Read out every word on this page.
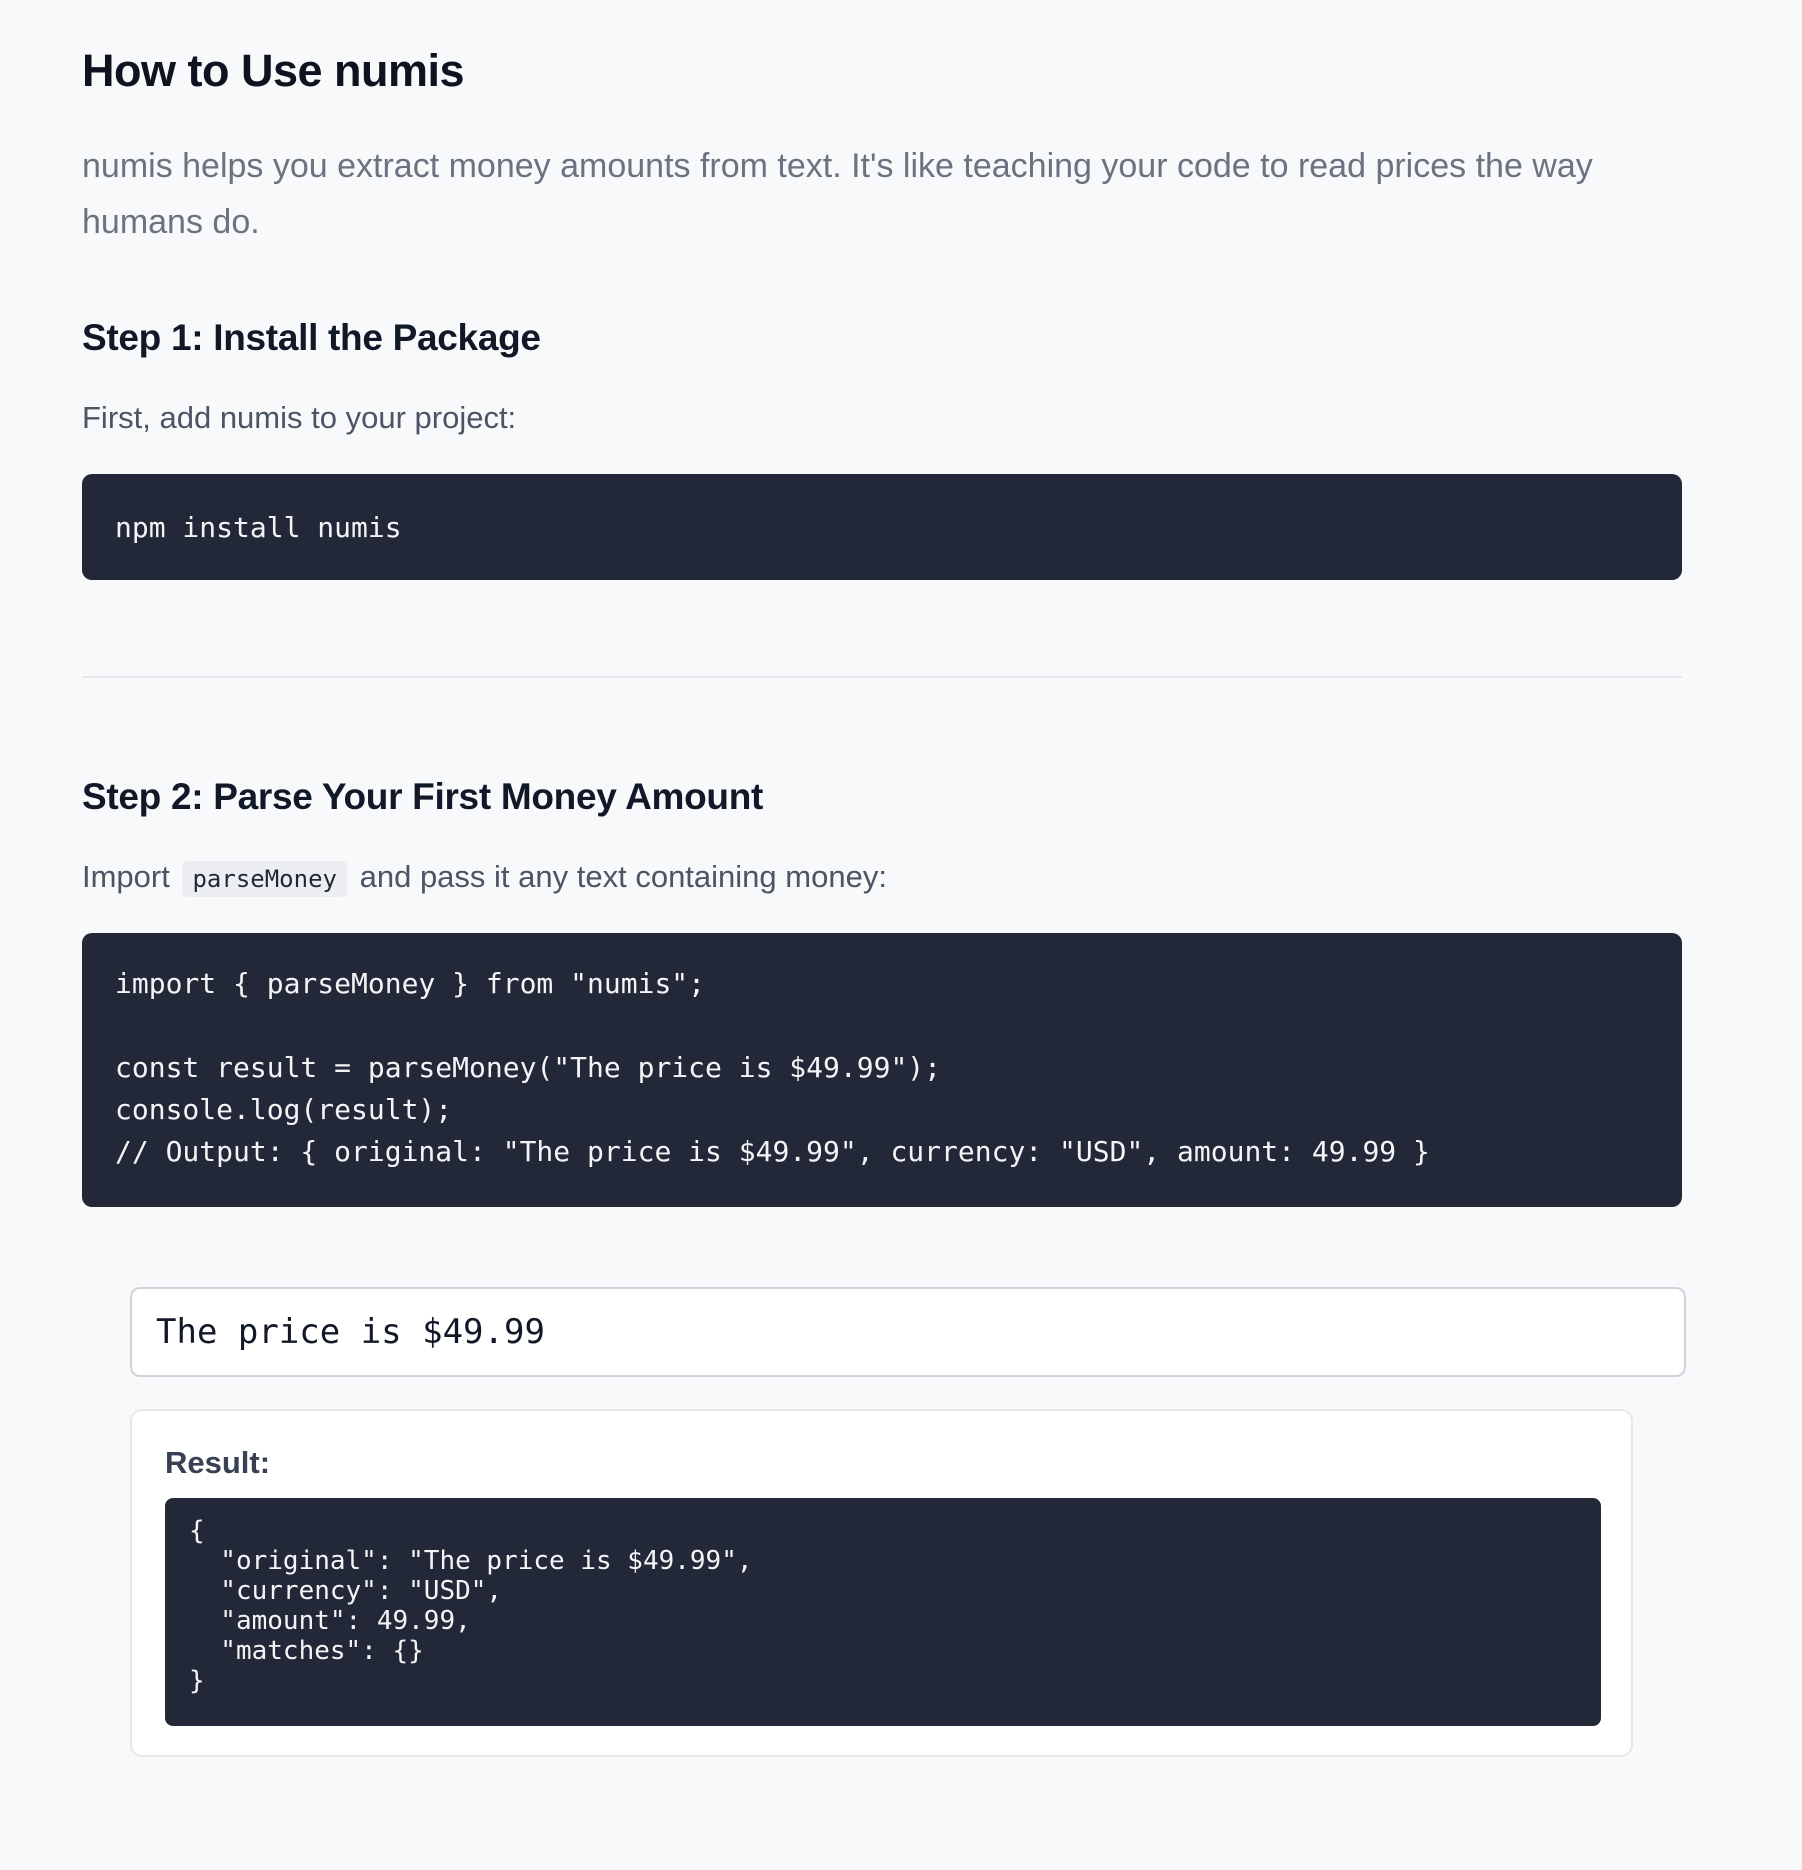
How to Use numis

numis helps you extract money amounts from text. It's like teaching your code to read prices the way humans do.

Step 1: Install the Package

First, add numis to your project:

npm install numis
Step 2: Parse Your First Money Amount

Import parseMoney and pass it any text containing money:

import { parseMoney } from "numis";

const result = parseMoney("The price is $49.99");
console.log(result);
// Output: { original: "The price is $49.99", currency: "USD", amount: 49.99 }
The price is $49.99
Result:
{
"original": "The price is $49.99",
"currency": "USD",
"amount": 49.99,
"matches": {}
}
